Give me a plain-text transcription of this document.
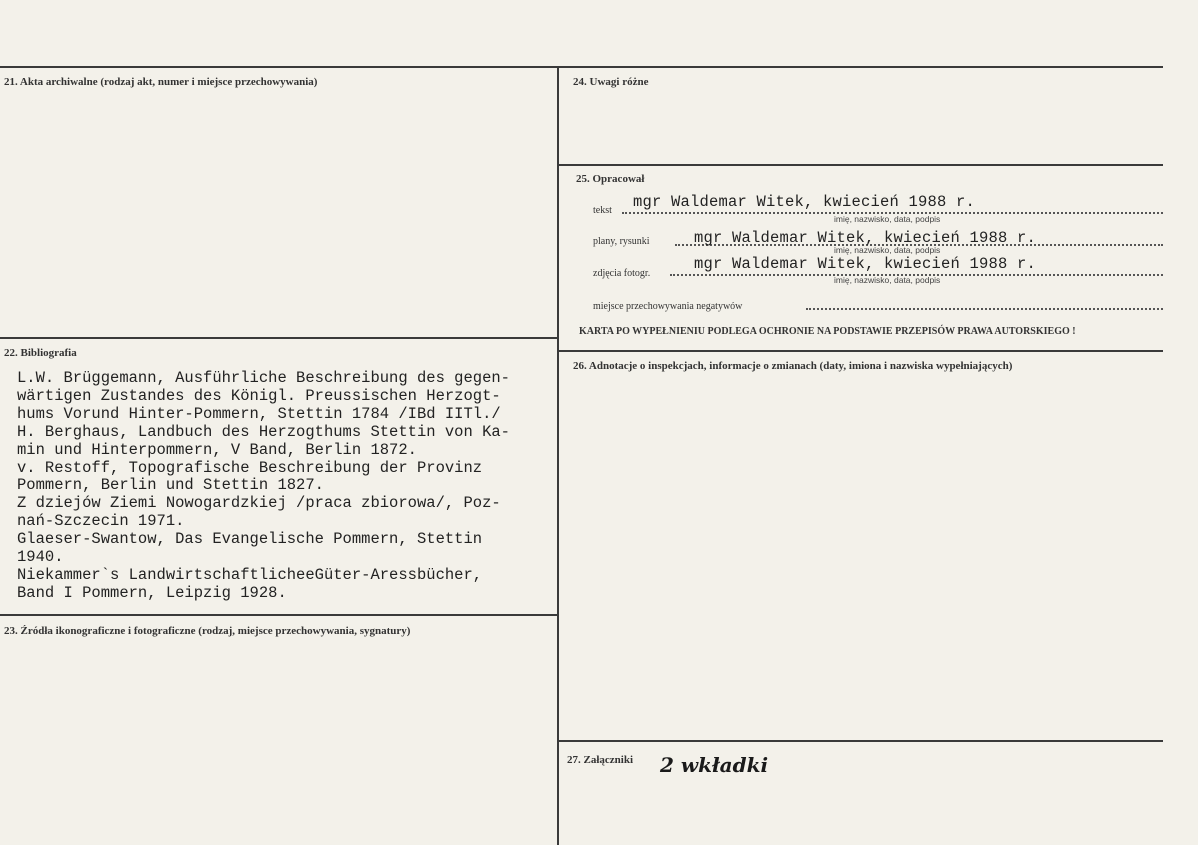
21. Akta archiwalne (rodzaj akt, numer i miejsce przechowywania)
22. Bibliografia
L.W. Brüggemann, Ausführliche Beschreibung des gegen-
wärtigen Zustandes des Königl. Preussischen Herzogt-
hums Vorund Hinter-Pommern, Stettin 1784 /IBd IITl./
H. Berghaus, Landbuch des Herzogthums Stettin von Ka-
min und Hinterpommern, V Band, Berlin 1872.
v. Restoff, Topografische Beschreibung der Provinz
Pommern, Berlin und Stettin 1827.
Z dziejów Ziemi Nowogardzkiej /praca zbiorowa/, Poz-
nań-Szczecin 1971.
Glaeser-Swantow, Das Evangelische Pommern, Stettin
1940.
Niekammer`s LandwirtschaftlicheeGüter-Aressbücher,
Band I Pommern, Leipzig 1928.
23. Źródła ikonograficzne i fotograficzne (rodzaj, miejsce przechowywania, sygnatury)
24. Uwagi różne
25. Opracował
tekst mgr Waldemar Witek, kwiecień 1988 r.
imię, nazwisko, data, podpis
plany, rysunki	mgr Waldemar Witek, kwiecień 1988 r.
imię, nazwisko, data, podpis
zdjęcia fotogr.
mgr Waldemar Witek, kwiecień 1988 r.
imię, nazwisko, data, podpis
miejsce przechowywania negatywów
KARTA PO WYPEŁNIENIU PODLEGA OCHRONIE NA PODSTAWIE PRZEPISÓW PRAWA AUTORSKIEGO !
26. Adnotacje o inspekcjach, informacje o zmianach (daty, imiona i nazwiska wypełniających)
27. Załączniki 2 wkładki
